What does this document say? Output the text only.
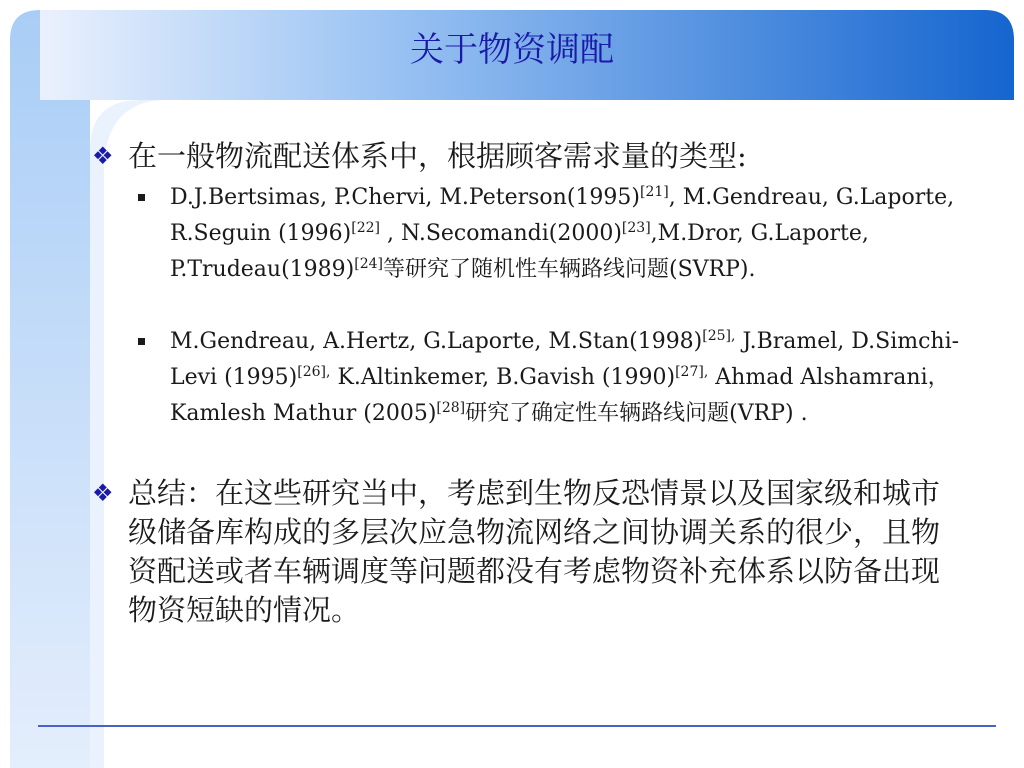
关于物资调配
❖ 在一般物流配送体系中，根据顾客需求量的类型:
D.J.Bertsimas, P.Chervi, M.Peterson(1995)[21], M.Gendreau, G.Laporte, R.Seguin (1996)[22] , N.Secomandi(2000)[23],M.Dror, G.Laporte, P.Trudeau(1989)[24]等研究了随机性车辆路线问题(SVRP).
M.Gendreau, A.Hertz, G.Laporte, $M.Stan(1998)^{[25],}$ J.Bramel, D.Simchi- Levi $(1995)^{[26],}$ K.Altinkemer, B.Gavish $(1990)^{[27],}$ Ahmad Alshamrani，Kamlesh Mathur (2005)[28]研究了确定性车辆路线问题(VRP) .
❖ 总结：在这些研究当中，考虑到生物反恐情景以及国家级和城市级储备库构成的多层次应急物流网络之间协调关系的很少，且物资配送或者车辆调度等问题都没有考虑物资补充体系以防备出现物资短缺的情况。
